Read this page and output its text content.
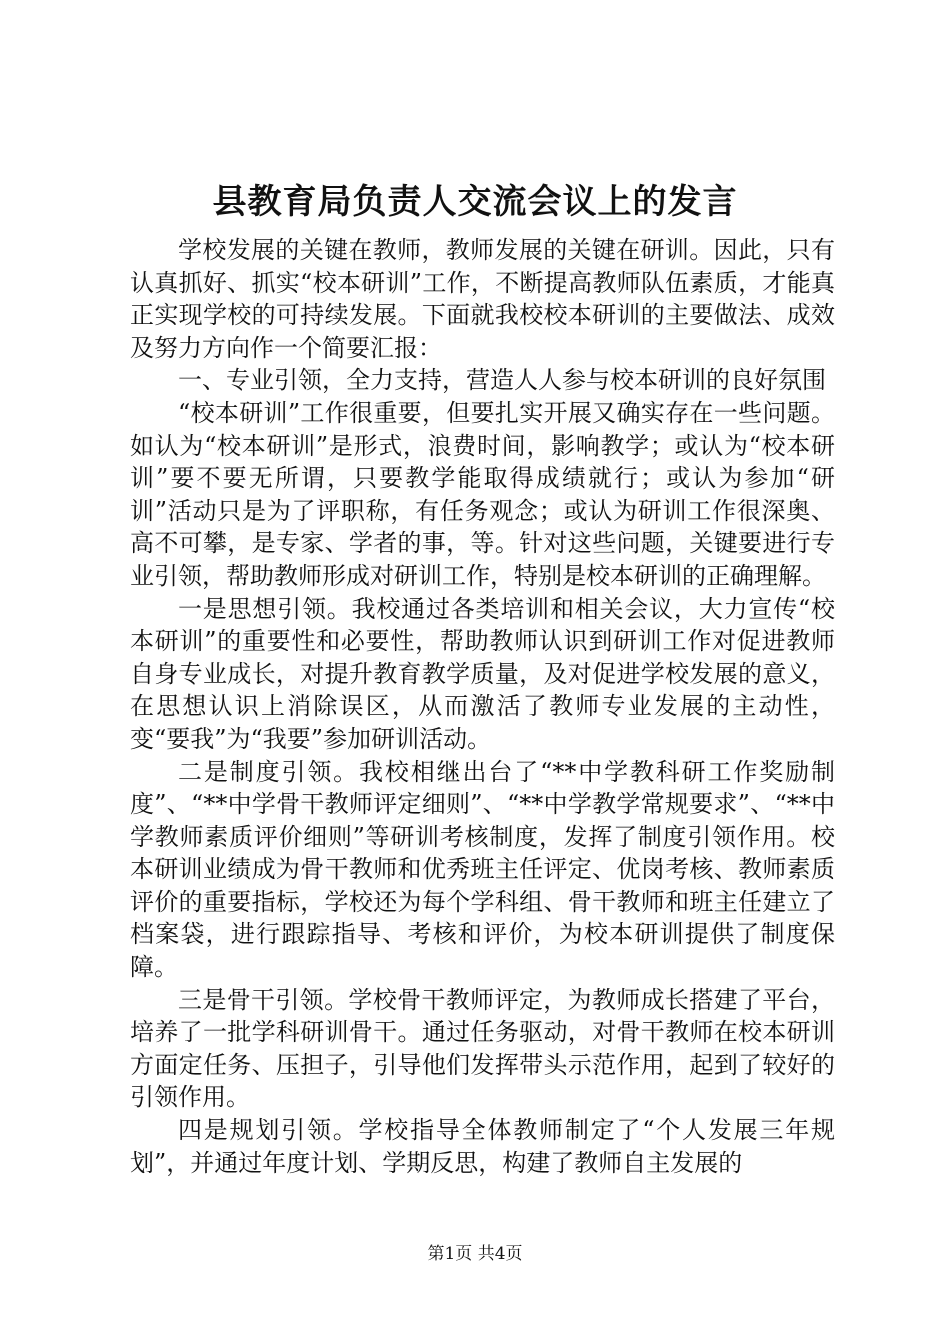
县教育局负责人交流会议上的发言

学校发展的关键在教师，教师发展的关键在研训。因此，只有认真抓好、抓实“校本研训”工作，不断提高教师队伍素质，才能真正实现学校的可持续发展。下面就我校校本研训的主要做法、成效及努力方向作一个简要汇报：

一、专业引领，全力支持，营造人人参与校本研训的良好氛围

“校本研训”工作很重要，但要扎实开展又确实存在一些问题。如认为“校本研训”是形式，浪费时间，影响教学；或认为“校本研训”要不要无所谓，只要教学能取得成绩就行；或认为参加“研训”活动只是为了评职称，有任务观念；或认为研训工作很深奥、高不可攀，是专家、学者的事，等。针对这些问题，关键要进行专业引领，帮助教师形成对研训工作，特别是校本研训的正确理解。

一是思想引领。我校通过各类培训和相关会议，大力宣传“校本研训”的重要性和必要性，帮助教师认识到研训工作对促进教师自身专业成长，对提升教育教学质量，及对促进学校发展的意义，在思想认识上消除误区，从而激活了教师专业发展的主动性，变“要我”为“我要”参加研训活动。

二是制度引领。我校相继出台了“**中学教科研工作奖励制度”、“**中学骨干教师评定细则”、“**中学教学常规要求”、“**中学教师素质评价细则”等研训考核制度，发挥了制度引领作用。校本研训业绩成为骨干教师和优秀班主任评定、优岗考核、教师素质评价的重要指标，学校还为每个学科组、骨干教师和班主任建立了档案袋，进行跟踪指导、考核和评价，为校本研训提供了制度保障。

三是骨干引领。学校骨干教师评定，为教师成长搭建了平台，培养了一批学科研训骨干。通过任务驱动，对骨干教师在校本研训方面定任务、压担子，引导他们发挥带头示范作用，起到了较好的引领作用。

四是规划引领。学校指导全体教师制定了“个人发展三年规划”，并通过年度计划、学期反思，构建了教师自主发展的

第1页 共4页
